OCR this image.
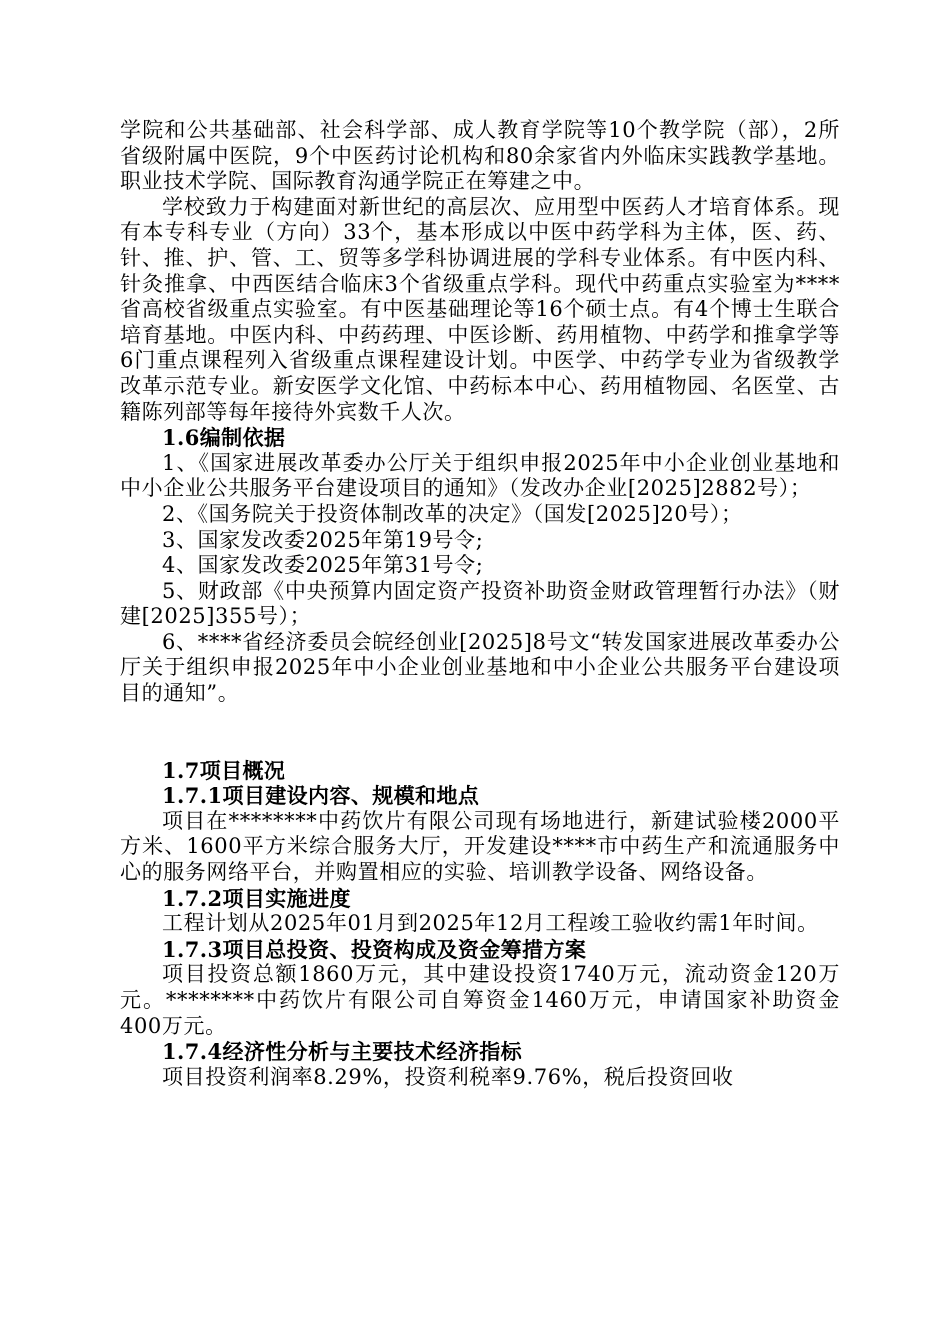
学院和公共基础部、社会科学部、成人教育学院等10个教学院（部），2所省级附属中医院，9个中医药讨论机构和80余家省内外临床实践教学基地。职业技术学院、国际教育沟通学院正在筹建之中。

学校致力于构建面对新世纪的高层次、应用型中医药人才培育体系。现有本专科专业（方向）33个，基本形成以中医中药学科为主体，医、药、针、推、护、管、工、贸等多学科协调进展的学科专业体系。有中医内科、针灸推拿、中西医结合临床3个省级重点学科。现代中药重点实验室为****省高校省级重点实验室。有中医基础理论等16个硕士点。有4个博士生联合培育基地。中医内科、中药药理、中医诊断、药用植物、中药学和推拿学等6门重点课程列入省级重点课程建设计划。中医学、中药学专业为省级教学改革示范专业。新安医学文化馆、中药标本中心、药用植物园、名医堂、古籍陈列部等每年接待外宾数千人次。

1.6编制依据

1、《国家进展改革委办公厅关于组织申报2025年中小企业创业基地和中小企业公共服务平台建设项目的通知》（发改办企业[2025]2882号）；

2、《国务院关于投资体制改革的决定》（国发[2025]20号）；

3、国家发改委2025年第19号令;

4、国家发改委2025年第31号令;

5、财政部《中央预算内固定资产投资补助资金财政管理暂行办法》（财建[2025]355号）；

6、****省经济委员会皖经创业[2025]8号文“转发国家进展改革委办公厅关于组织申报2025年中小企业创业基地和中小企业公共服务平台建设项目的通知”。

1.7项目概况

1.7.1项目建设内容、规模和地点

项目在********中药饮片有限公司现有场地进行，新建试验楼2000平方米、1600平方米综合服务大厅，开发建设****市中药生产和流通服务中心的服务网络平台，并购置相应的实验、培训教学设备、网络设备。

1.7.2项目实施进度

工程计划从2025年01月到2025年12月工程竣工验收约需1年时间。

1.7.3项目总投资、投资构成及资金筹措方案

项目投资总额1860万元，其中建设投资1740万元，流动资金120万元。********中药饮片有限公司自筹资金1460万元，申请国家补助资金400万元。

1.7.4经济性分析与主要技术经济指标

项目投资利润率8.29%，投资利税率9.76%，税后投资回收
